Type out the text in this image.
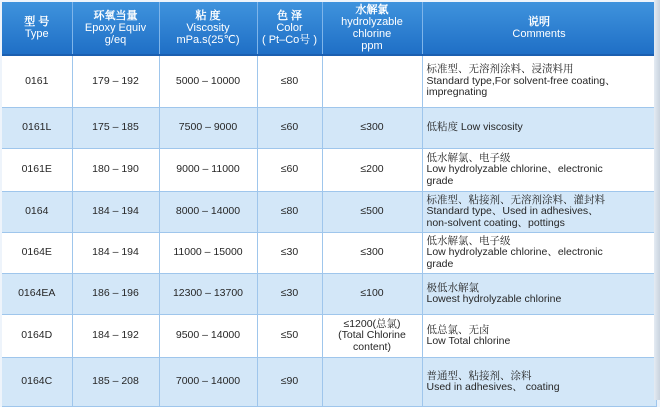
型 号
Type	环氧当量
Epoxy Equiv
g/eq	粘 度
Viscosity
mPa.s(25℃)	色 泽
Color
( Pt–Co号 )	水解氯
hydrolyzable chlorine
ppm	说明
Comments

0161	179 – 192	5000 – 10000	≤80		标准型、无溶剂涂料、浸渍料用
Standard type,For solvent-free coating、
impregnating

0161L	175 – 185	7500 – 9000	≤60	≤300	低粘度 Low viscosity

0161E	180 – 190	9000 – 11000	≤60	≤200	低水解氯、电子级
Low hydrolyzable chlorine、electronic
grade

0164	184 – 194	8000 – 14000	≤80	≤500	标准型、粘接剂、无溶剂涂料、灌封料
Standard type、Used in adhesives、
non-solvent coating、pottings

0164E	184 – 194	11000 – 15000	≤30	≤300	低水解氯、电子级
Low hydrolyzable chlorine、electronic
grade

0164EA	186 – 196	12300 – 13700	≤30	≤100	极低水解氯
Lowest hydrolyzable chlorine

0164D	184 – 192	9500 – 14000	≤50	≤1200(总氯)
(Total Chlorine
content)	低总氯、无卤
Low Total chlorine

0164C	185 – 208	7000 – 14000	≤90		普通型、粘接剂、涂料
Used in adhesives、 coating
